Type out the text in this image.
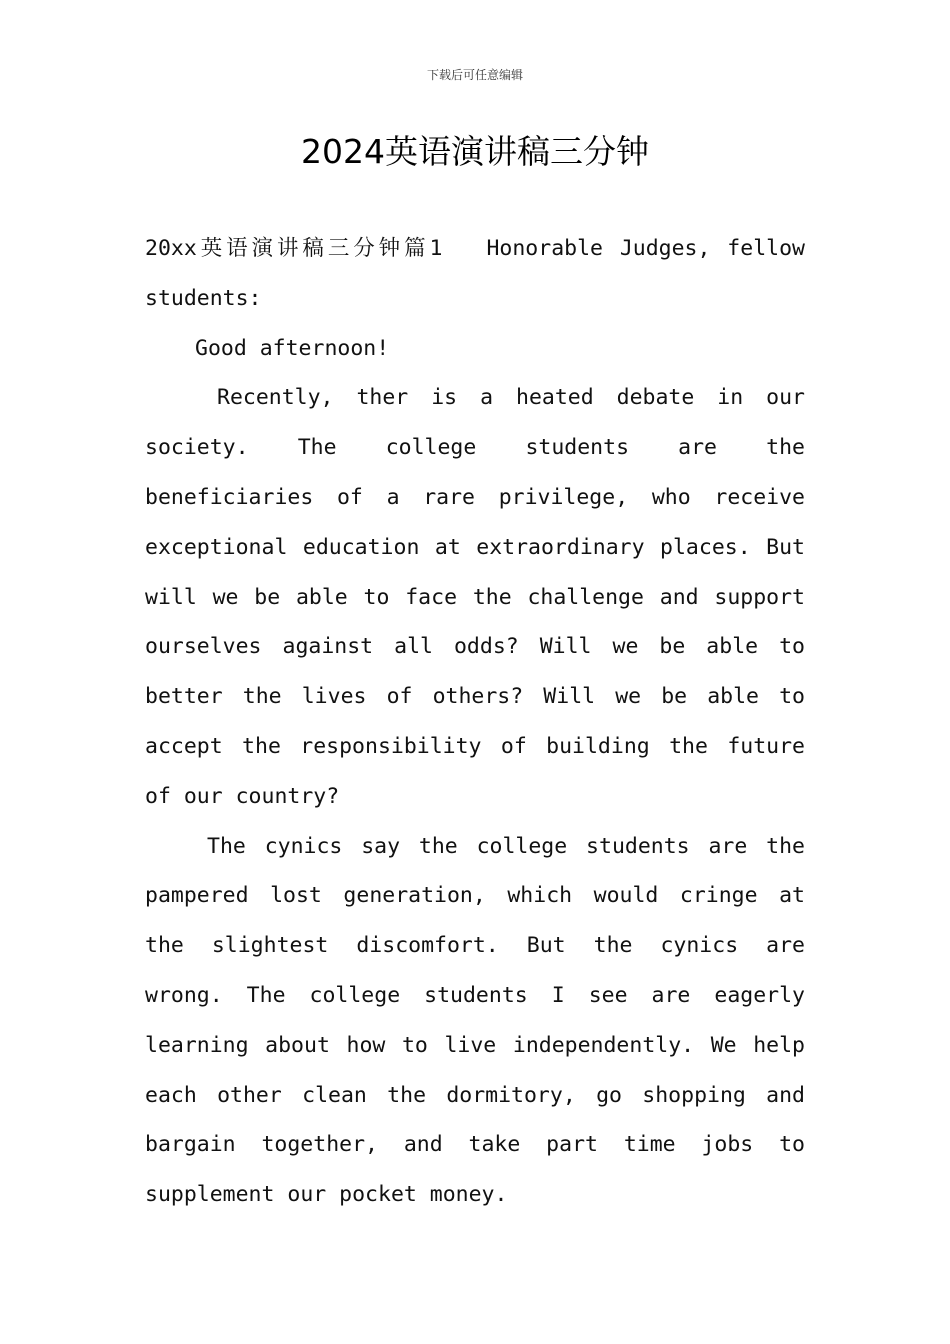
下载后可任意编辑
2024英语演讲稿三分钟

20xx英语演讲稿三分钟篇1 Honorable Judges, fellow students:

Good afternoon!

Recently, ther is a heated debate in our society. The college students are the beneficiaries of a rare privilege, who receive exceptional education at extraordinary places. But will we be able to face the challenge and support ourselves against all odds? Will we be able to better the lives of others? Will we be able to accept the responsibility of building the future of our country?

The cynics say the college students are the pampered lost generation, which would cringe at the slightest discomfort. But the cynics are wrong. The college students I see are eagerly learning about how to live independently. We help each other clean the dormitory, go shopping and bargain together, and take part time jobs to supplement our pocket money.
